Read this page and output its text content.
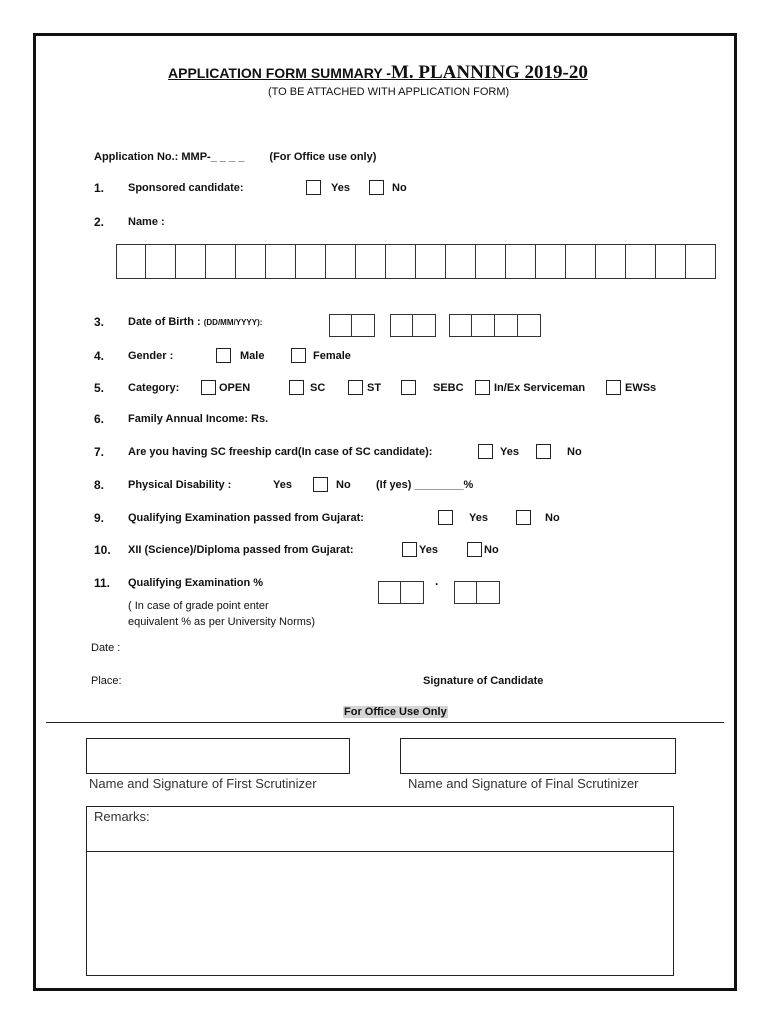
APPLICATION FORM SUMMARY -M. PLANNING 2019-20
(TO BE ATTACHED WITH APPLICATION FORM)
Application No.: MMP-_ _ _ _ (For Office use only)
1.	Sponsored candidate:	Yes	No
2.	Name :
3.	Date of Birth : (DD/MM/YYYY):
4.	Gender :	Male	Female
5.	Category:	OPEN	SC	ST	SEBC	In/Ex Serviceman	EWSs
6.	Family Annual Income: Rs.
7.	Are you having SC freeship card(In case of SC candidate):	Yes	No
8.	Physical Disability :	Yes	No	(If yes) ________%
9.	Qualifying Examination passed from Gujarat:	Yes	No
10.	XII (Science)/Diploma passed from Gujarat:	Yes	No
11.	Qualifying Examination %
( In case of grade point enter
equivalent % as per University Norms)
.
Date :
Place:	Signature of Candidate
For Office Use Only
Name and Signature of First Scrutinizer	Name and Signature of Final Scrutinizer
Remarks:
